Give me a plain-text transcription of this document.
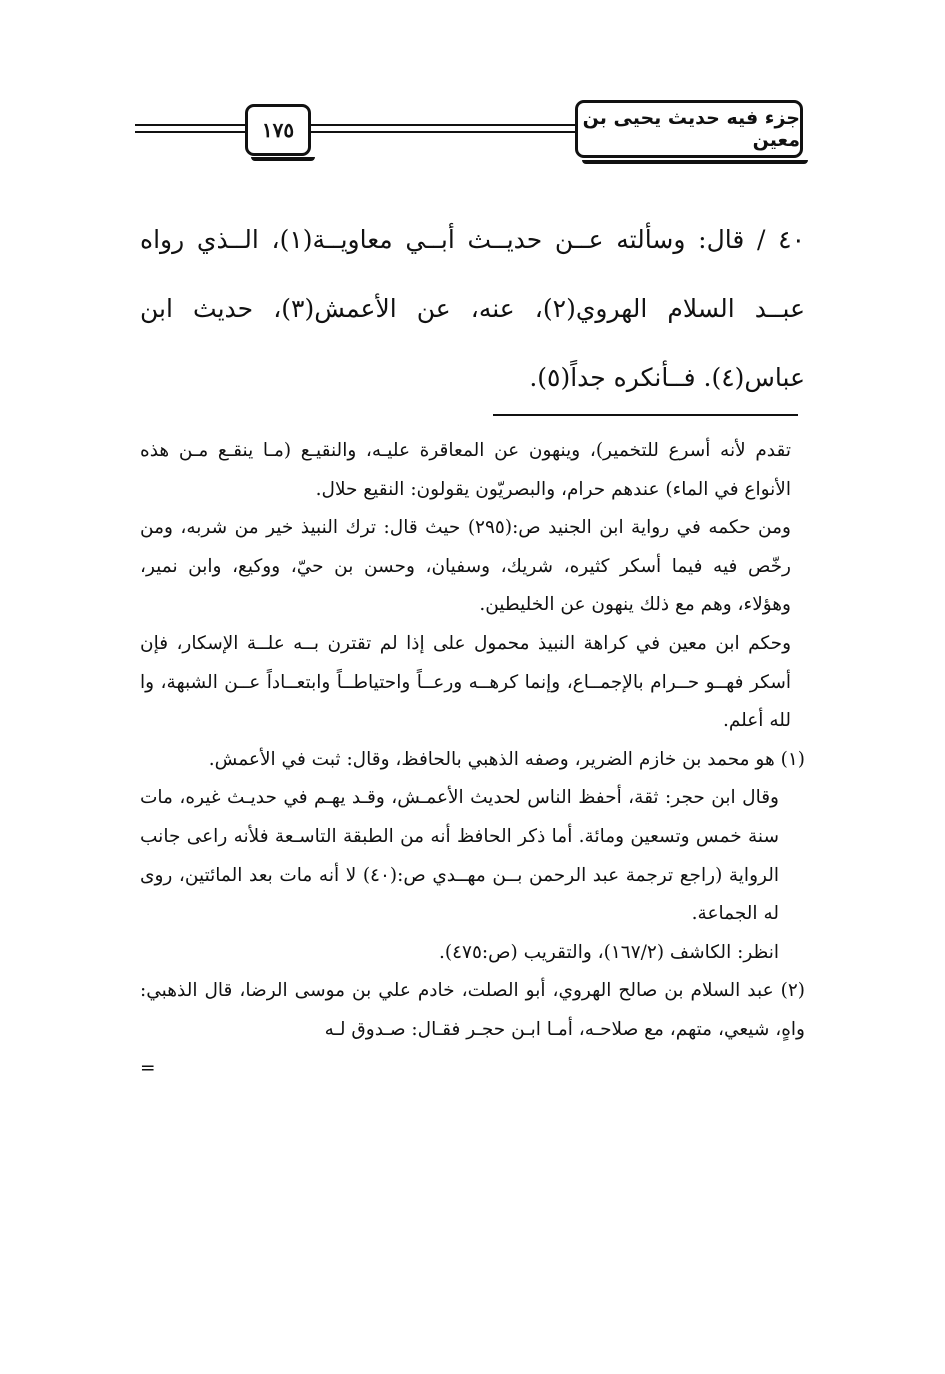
١٧٥	جزء فيه حديث يحيى بن معين

٤٠ / قال: وسألته عــن حديــث أبــي معاويــة(١)، الــذي رواه عبــد السلام الهروي(٢)، عنه، عن الأعمش(٣)، حديث ابن عباس(٤). فــأنكره جداً(٥).

تقدم لأنه أسرع للتخمير)، وينهون عن المعاقرة عليـه، والنقيـع (مـا ينقـع مـن هذه الأنواع في الماء) عندهم حرام، والبصريّون يقولون: النقيع حلال.

ومن حكمه في رواية ابن الجنيد ص:(٢٩٥) حيث قال: ترك النبيذ خير من شربه، ومن رخّص فيه فيما أسكر كثيره، شريك، وسفيان، وحسن بن حيّ، ووكيع، وابن نمير، وهؤلاء، وهم مع ذلك ينهون عن الخليطين.

وحكم ابن معين في كراهة النبيذ محمول على إذا لم تقترن بــه علــة الإسكار، فإن أسكر فهــو حــرام بالإجمــاع، وإنما كرهــه ورعــاً واحتياطــاً وابتعــاداً عــن الشبهة، وا لله أعلم.

(١) هو محمد بن خازم الضرير، وصفه الذهبي بالحافظ، وقال: ثبت في الأعمش.

وقال ابن حجر: ثقة، أحفظ الناس لحديث الأعمـش، وقـد يهـم في حديـث غيره، مات سنة خمس وتسعين ومائة. أما ذكر الحافظ أنه من الطبقة التاسـعة فلأنه راعى جانب الرواية (راجع ترجمة عبد الرحمن بــن مهــدي ص:(٤٠) لا أنه مات بعد المائتين، روى له الجماعة.

انظر: الكاشف (١٦٧/٢)، والتقريب (ص:٤٧٥).

(٢) عبد السلام بن صالح الهروي، أبو الصلت، خادم علي بن موسى الرضا، قال الذهبي: واهٍ، شيعي، متهم، مع صلاحـه، أمـا ابـن حجـر فقـال: صـدوق لـه

=
